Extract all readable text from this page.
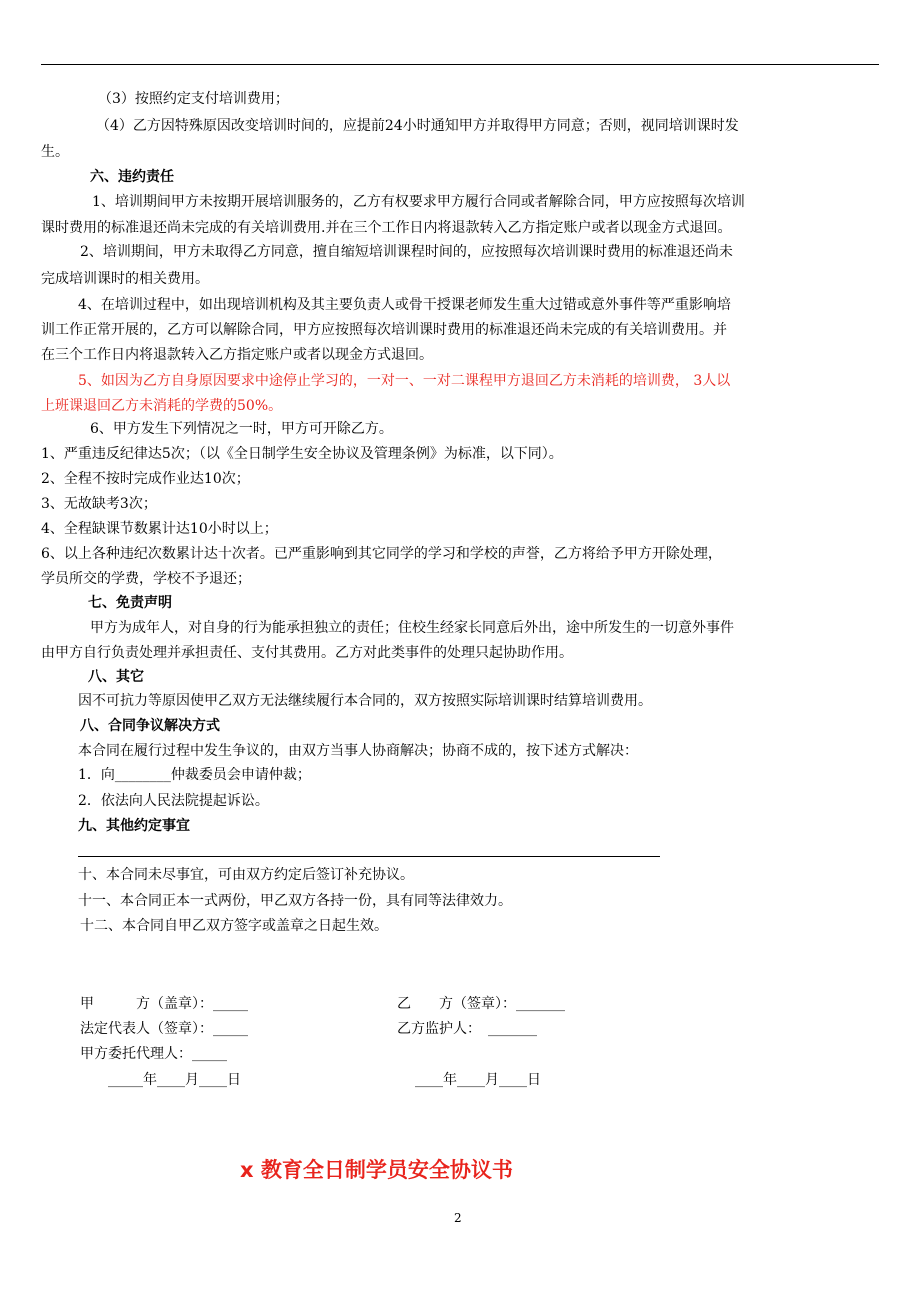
（3）按照约定支付培训费用；
（4）乙方因特殊原因改变培训时间的，应提前24小时通知甲方并取得甲方同意；否则，视同培训课时发
生。
六、违约责任
1、培训期间甲方未按期开展培训服务的，乙方有权要求甲方履行合同或者解除合同，甲方应按照每次培训
课时费用的标准退还尚未完成的有关培训费用.并在三个工作日内将退款转入乙方指定账户或者以现金方式退回。
2、培训期间，甲方未取得乙方同意，擅自缩短培训课程时间的，应按照每次培训课时费用的标准退还尚未
完成培训课时的相关费用。
4、在培训过程中，如出现培训机构及其主要负责人或骨干授课老师发生重大过错或意外事件等严重影响培
训工作正常开展的，乙方可以解除合同，甲方应按照每次培训课时费用的标准退还尚未完成的有关培训费用。并
在三个工作日内将退款转入乙方指定账户或者以现金方式退回。
5、如因为乙方自身原因要求中途停止学习的，一对一、一对二课程甲方退回乙方未消耗的培训费， 3人以
上班课退回乙方未消耗的学费的50%。
6、甲方发生下列情况之一时，甲方可开除乙方。
1、严重违反纪律达5次；（以《全日制学生安全协议及管理条例》为标准，以下同）。
2、全程不按时完成作业达10次；
3、无故缺考3次；
4、全程缺课节数累计达10小时以上；
6、以上各种违纪次数累计达十次者。已严重影响到其它同学的学习和学校的声誉，乙方将给予甲方开除处理，
学员所交的学费，学校不予退还；
七、免责声明
甲方为成年人，对自身的行为能承担独立的责任；住校生经家长同意后外出，途中所发生的一切意外事件
由甲方自行负责处理并承担责任、支付其费用。乙方对此类事件的处理只起协助作用。
八、其它
因不可抗力等原因使甲乙双方无法继续履行本合同的，双方按照实际培训课时结算培训费用。
八、合同争议解决方式
本合同在履行过程中发生争议的，由双方当事人协商解决；协商不成的，按下述方式解决：
1．向________仲裁委员会申请仲裁；
2．依法向人民法院提起诉讼。
九、其他约定事宜
十、本合同未尽事宜，可由双方约定后签订补充协议。
十一、本合同正本一式两份，甲乙双方各持一份，具有同等法律效力。
十二、本合同自甲乙双方签字或盖章之日起生效。
甲　　　方（盖章）：_____	乙　　方（签章）：_______
法定代表人（签章）：_____	乙方监护人：　_______
甲方委托代理人：_____
_____年____月____日	____年____月____日
x 教育全日制学员安全协议书
2
